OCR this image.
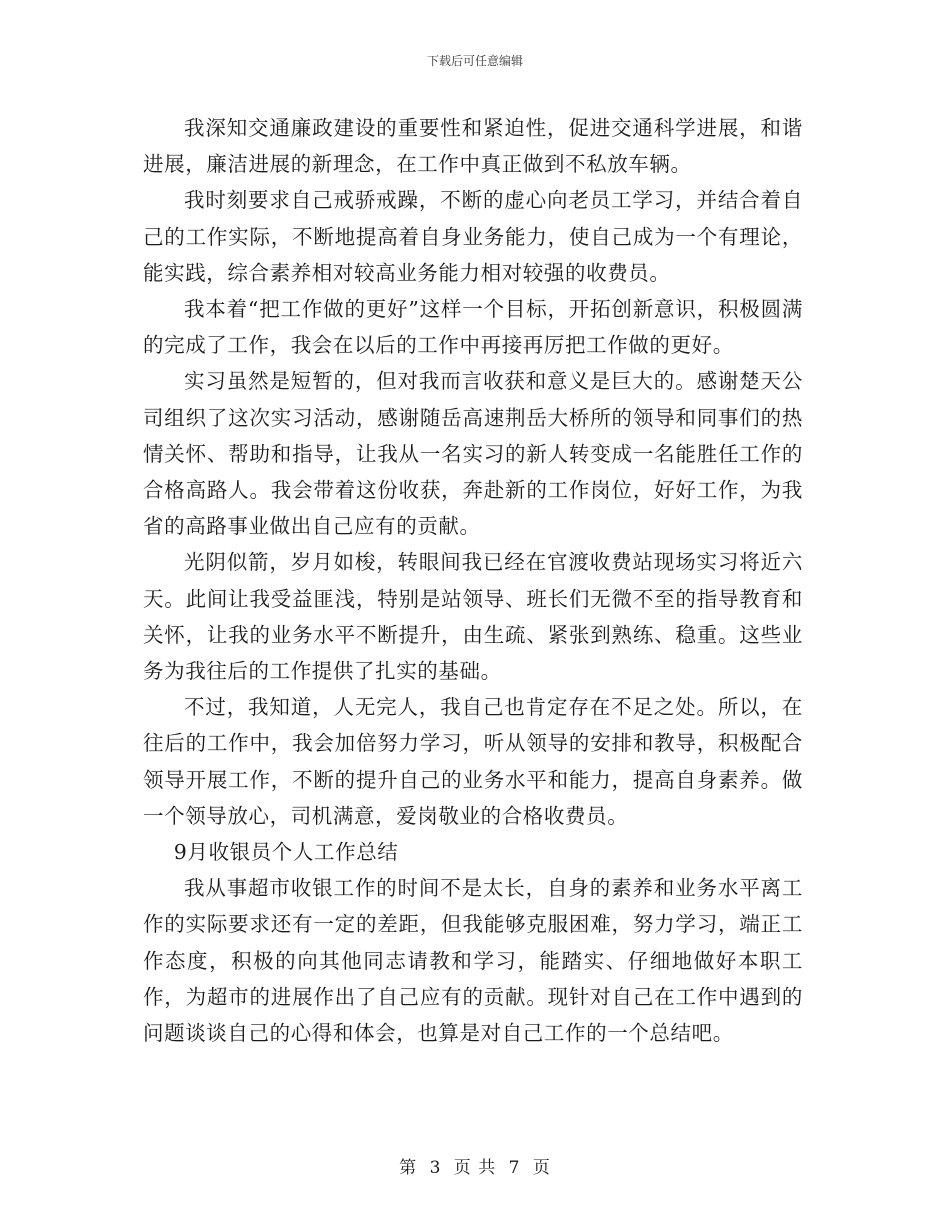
下载后可任意编辑

我深知交通廉政建设的重要性和紧迫性，促进交通科学进展，和谐进展，廉洁进展的新理念，在工作中真正做到不私放车辆。

我时刻要求自己戒骄戒躁，不断的虚心向老员工学习，并结合着自己的工作实际，不断地提高着自身业务能力，使自己成为一个有理论，能实践，综合素养相对较高业务能力相对较强的收费员。

我本着“把工作做的更好”这样一个目标，开拓创新意识，积极圆满的完成了工作，我会在以后的工作中再接再厉把工作做的更好。

实习虽然是短暂的，但对我而言收获和意义是巨大的。感谢楚天公司组织了这次实习活动，感谢随岳高速荆岳大桥所的领导和同事们的热情关怀、帮助和指导，让我从一名实习的新人转变成一名能胜任工作的合格高路人。我会带着这份收获，奔赴新的工作岗位，好好工作，为我省的高路事业做出自己应有的贡献。

光阴似箭，岁月如梭，转眼间我已经在官渡收费站现场实习将近六天。此间让我受益匪浅，特别是站领导、班长们无微不至的指导教育和关怀，让我的业务水平不断提升，由生疏、紧张到熟练、稳重。这些业务为我往后的工作提供了扎实的基础。

不过，我知道，人无完人，我自己也肯定存在不足之处。所以，在往后的工作中，我会加倍努力学习，听从领导的安排和教导，积极配合领导开展工作，不断的提升自己的业务水平和能力，提高自身素养。做一个领导放心，司机满意，爱岗敬业的合格收费员。

9月收银员个人工作总结

我从事超市收银工作的时间不是太长，自身的素养和业务水平离工作的实际要求还有一定的差距，但我能够克服困难，努力学习，端正工作态度，积极的向其他同志请教和学习，能踏实、仔细地做好本职工作，为超市的进展作出了自己应有的贡献。现针对自己在工作中遇到的问题谈谈自己的心得和体会，也算是对自己工作的一个总结吧。

第 3 页 共 7 页
